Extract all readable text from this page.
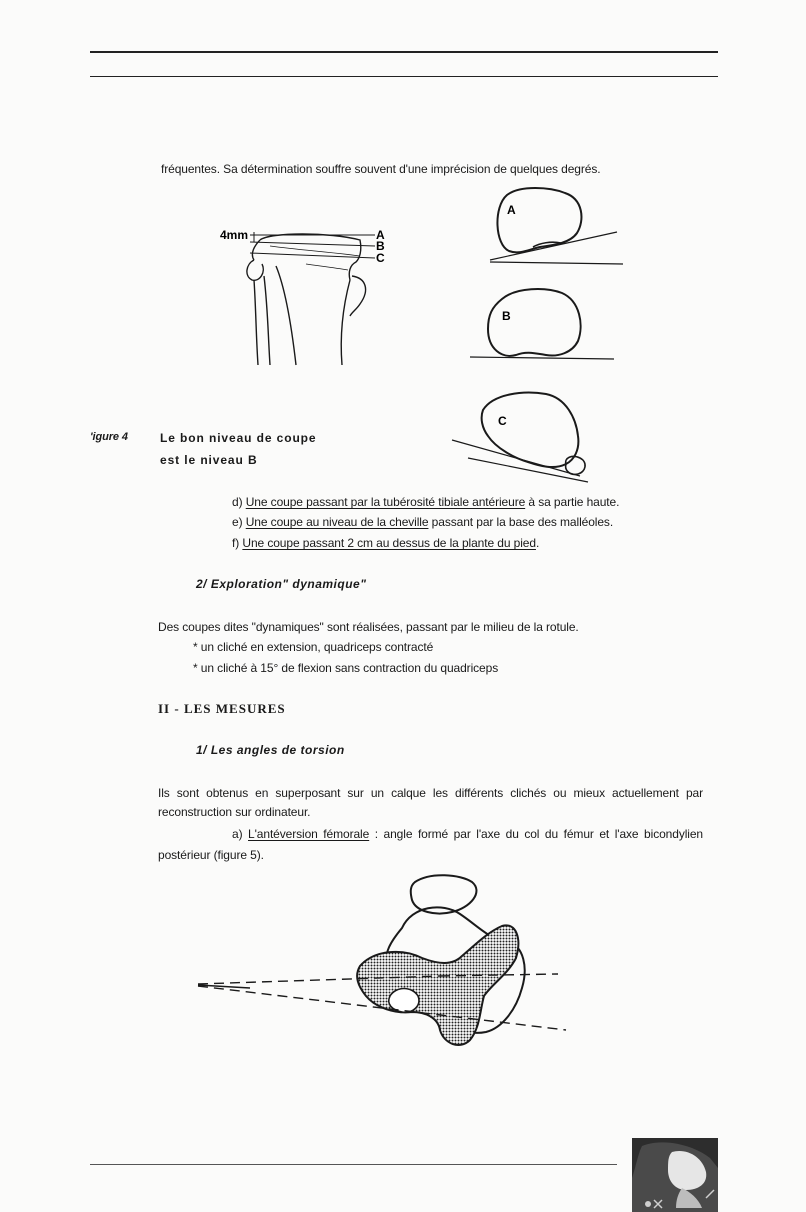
fréquentes. Sa détermination souffre souvent d'une imprécision de quelques degrés.
4mm	A
B
C
A
B
C
'igure 4	Le bon niveau de coupe
est le niveau B
d) Une coupe passant par la tubérosité tibiale antérieure à sa partie haute.
e) Une coupe au niveau de la cheville passant par la base des malléoles.
f) Une coupe passant 2 cm au dessus de la plante du pied.
2/ Exploration" dynamique"
Des coupes dites "dynamiques" sont réalisées, passant par le milieu de la rotule.
* un cliché en extension, quadriceps contracté
* un cliché à 15° de flexion sans contraction du quadriceps
II - LES MESURES
1/ Les angles de torsion
Ils sont obtenus en superposant sur un calque les différents clichés ou mieux actuellement par
reconstruction sur ordinateur.
a) L'antéversion fémorale : angle formé par l'axe du col du fémur et l'axe bicondylien
postérieur (figure 5).
